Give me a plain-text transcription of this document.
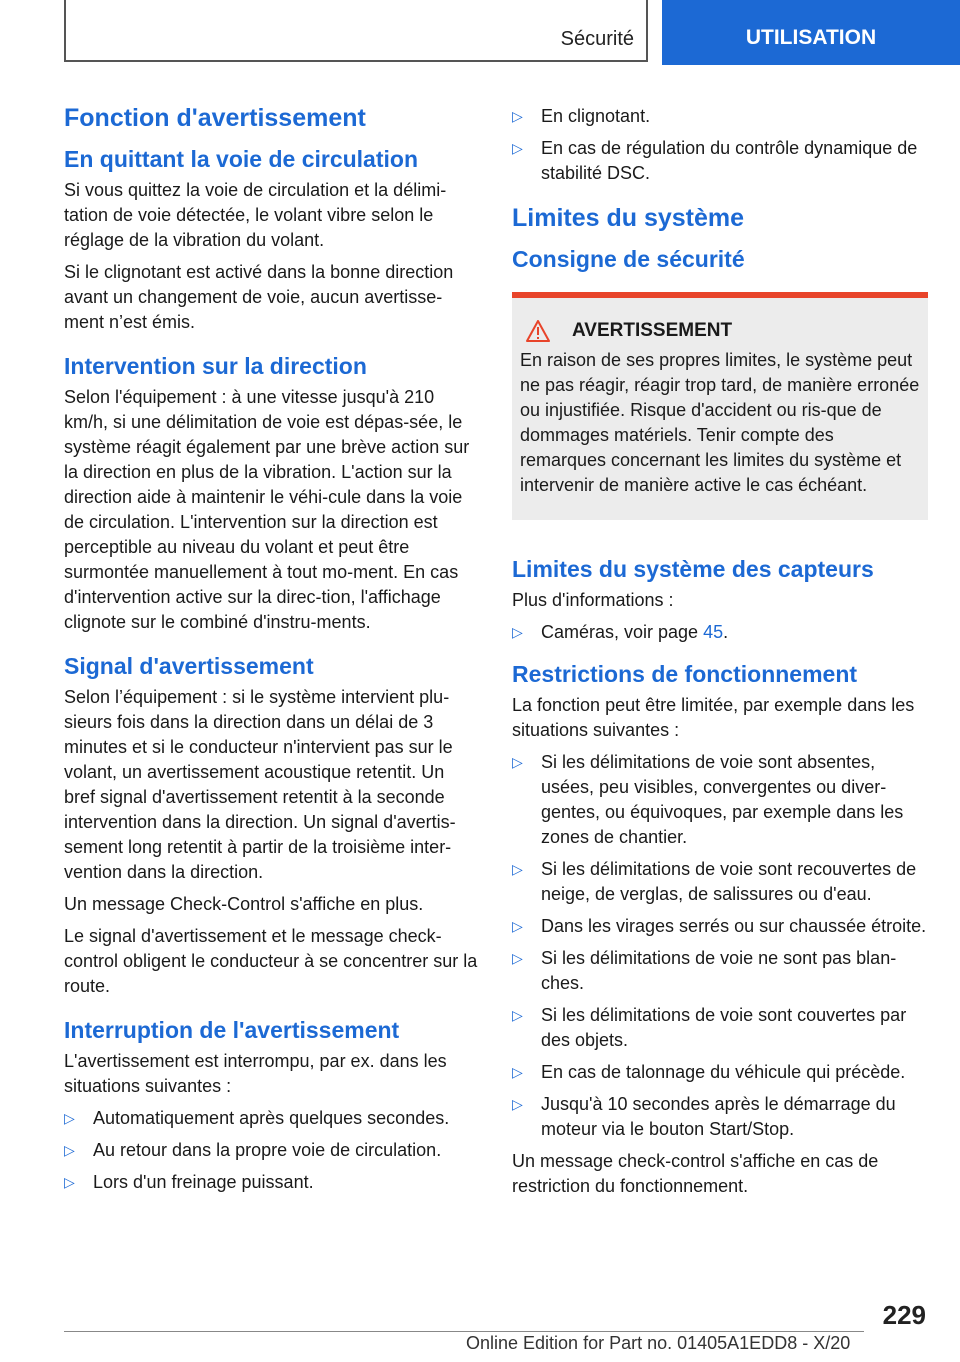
Sécurité	UTILISATION
Fonction d'avertissement
En quittant la voie de circulation

Si vous quittez la voie de circulation et la délimi‐tation de voie détectée, le volant vibre selon le réglage de la vibration du volant.

Si le clignotant est activé dans la bonne direction avant un changement de voie, aucun avertisse‐ment n’est émis.

Intervention sur la direction

Selon l'équipement : à une vitesse jusqu'à 210 km/h, si une délimitation de voie est dépas‐sée, le système réagit également par une brève action sur la direction en plus de la vibration. L'action sur la direction aide à maintenir le véhi‐cule dans la voie de circulation. L'intervention sur la direction est perceptible au niveau du volant et peut être surmontée manuellement à tout mo‐ment. En cas d'intervention active sur la direc‐tion, l'affichage clignote sur le combiné d'instru‐ments.

Signal d'avertissement

Selon l’équipement : si le système intervient plu‐sieurs fois dans la direction dans un délai de 3 minutes et si le conducteur n'intervient pas sur le volant, un avertissement acoustique retentit. Un bref signal d'avertissement retentit à la seconde intervention dans la direction. Un signal d'avertis‐sement long retentit à partir de la troisième inter‐vention dans la direction.

Un message Check-Control s'affiche en plus.

Le signal d'avertissement et le message check-control obligent le conducteur à se concentrer sur la route.

Interruption de l'avertissement

L'avertissement est interrompu, par ex. dans les situations suivantes :

▷ Automatiquement après quelques secondes.
▷ Au retour dans la propre voie de circulation.
▷ Lors d'un freinage puissant.
▷ En clignotant.
▷ En cas de régulation du contrôle dynamique de stabilité DSC.
Limites du système
Consigne de sécurité
AVERTISSEMENT

En raison de ses propres limites, le système peut ne pas réagir, réagir trop tard, de manière erronée ou injustifiée. Risque d'accident ou ris‐que de dommages matériels. Tenir compte des remarques concernant les limites du système et intervenir de manière active le cas échéant.

Limites du système des capteurs

Plus d'informations :

▷ Caméras, voir page 45.
Restrictions de fonctionnement

La fonction peut être limitée, par exemple dans les situations suivantes :

▷ Si les délimitations de voie sont absentes, usées, peu visibles, convergentes ou diver‐gentes, ou équivoques, par exemple dans les zones de chantier.
▷ Si les délimitations de voie sont recouvertes de neige, de verglas, de salissures ou d'eau.
▷ Dans les virages serrés ou sur chaussée étroite.
▷ Si les délimitations de voie ne sont pas blan‐ches.
▷ Si les délimitations de voie sont couvertes par des objets.
▷ En cas de talonnage du véhicule qui précède.
▷ Jusqu'à 10 secondes après le démarrage du moteur via le bouton Start/Stop.

Un message check-control s'affiche en cas de restriction du fonctionnement.

229
Online Edition for Part no. 01405A1EDD8 - X/20
